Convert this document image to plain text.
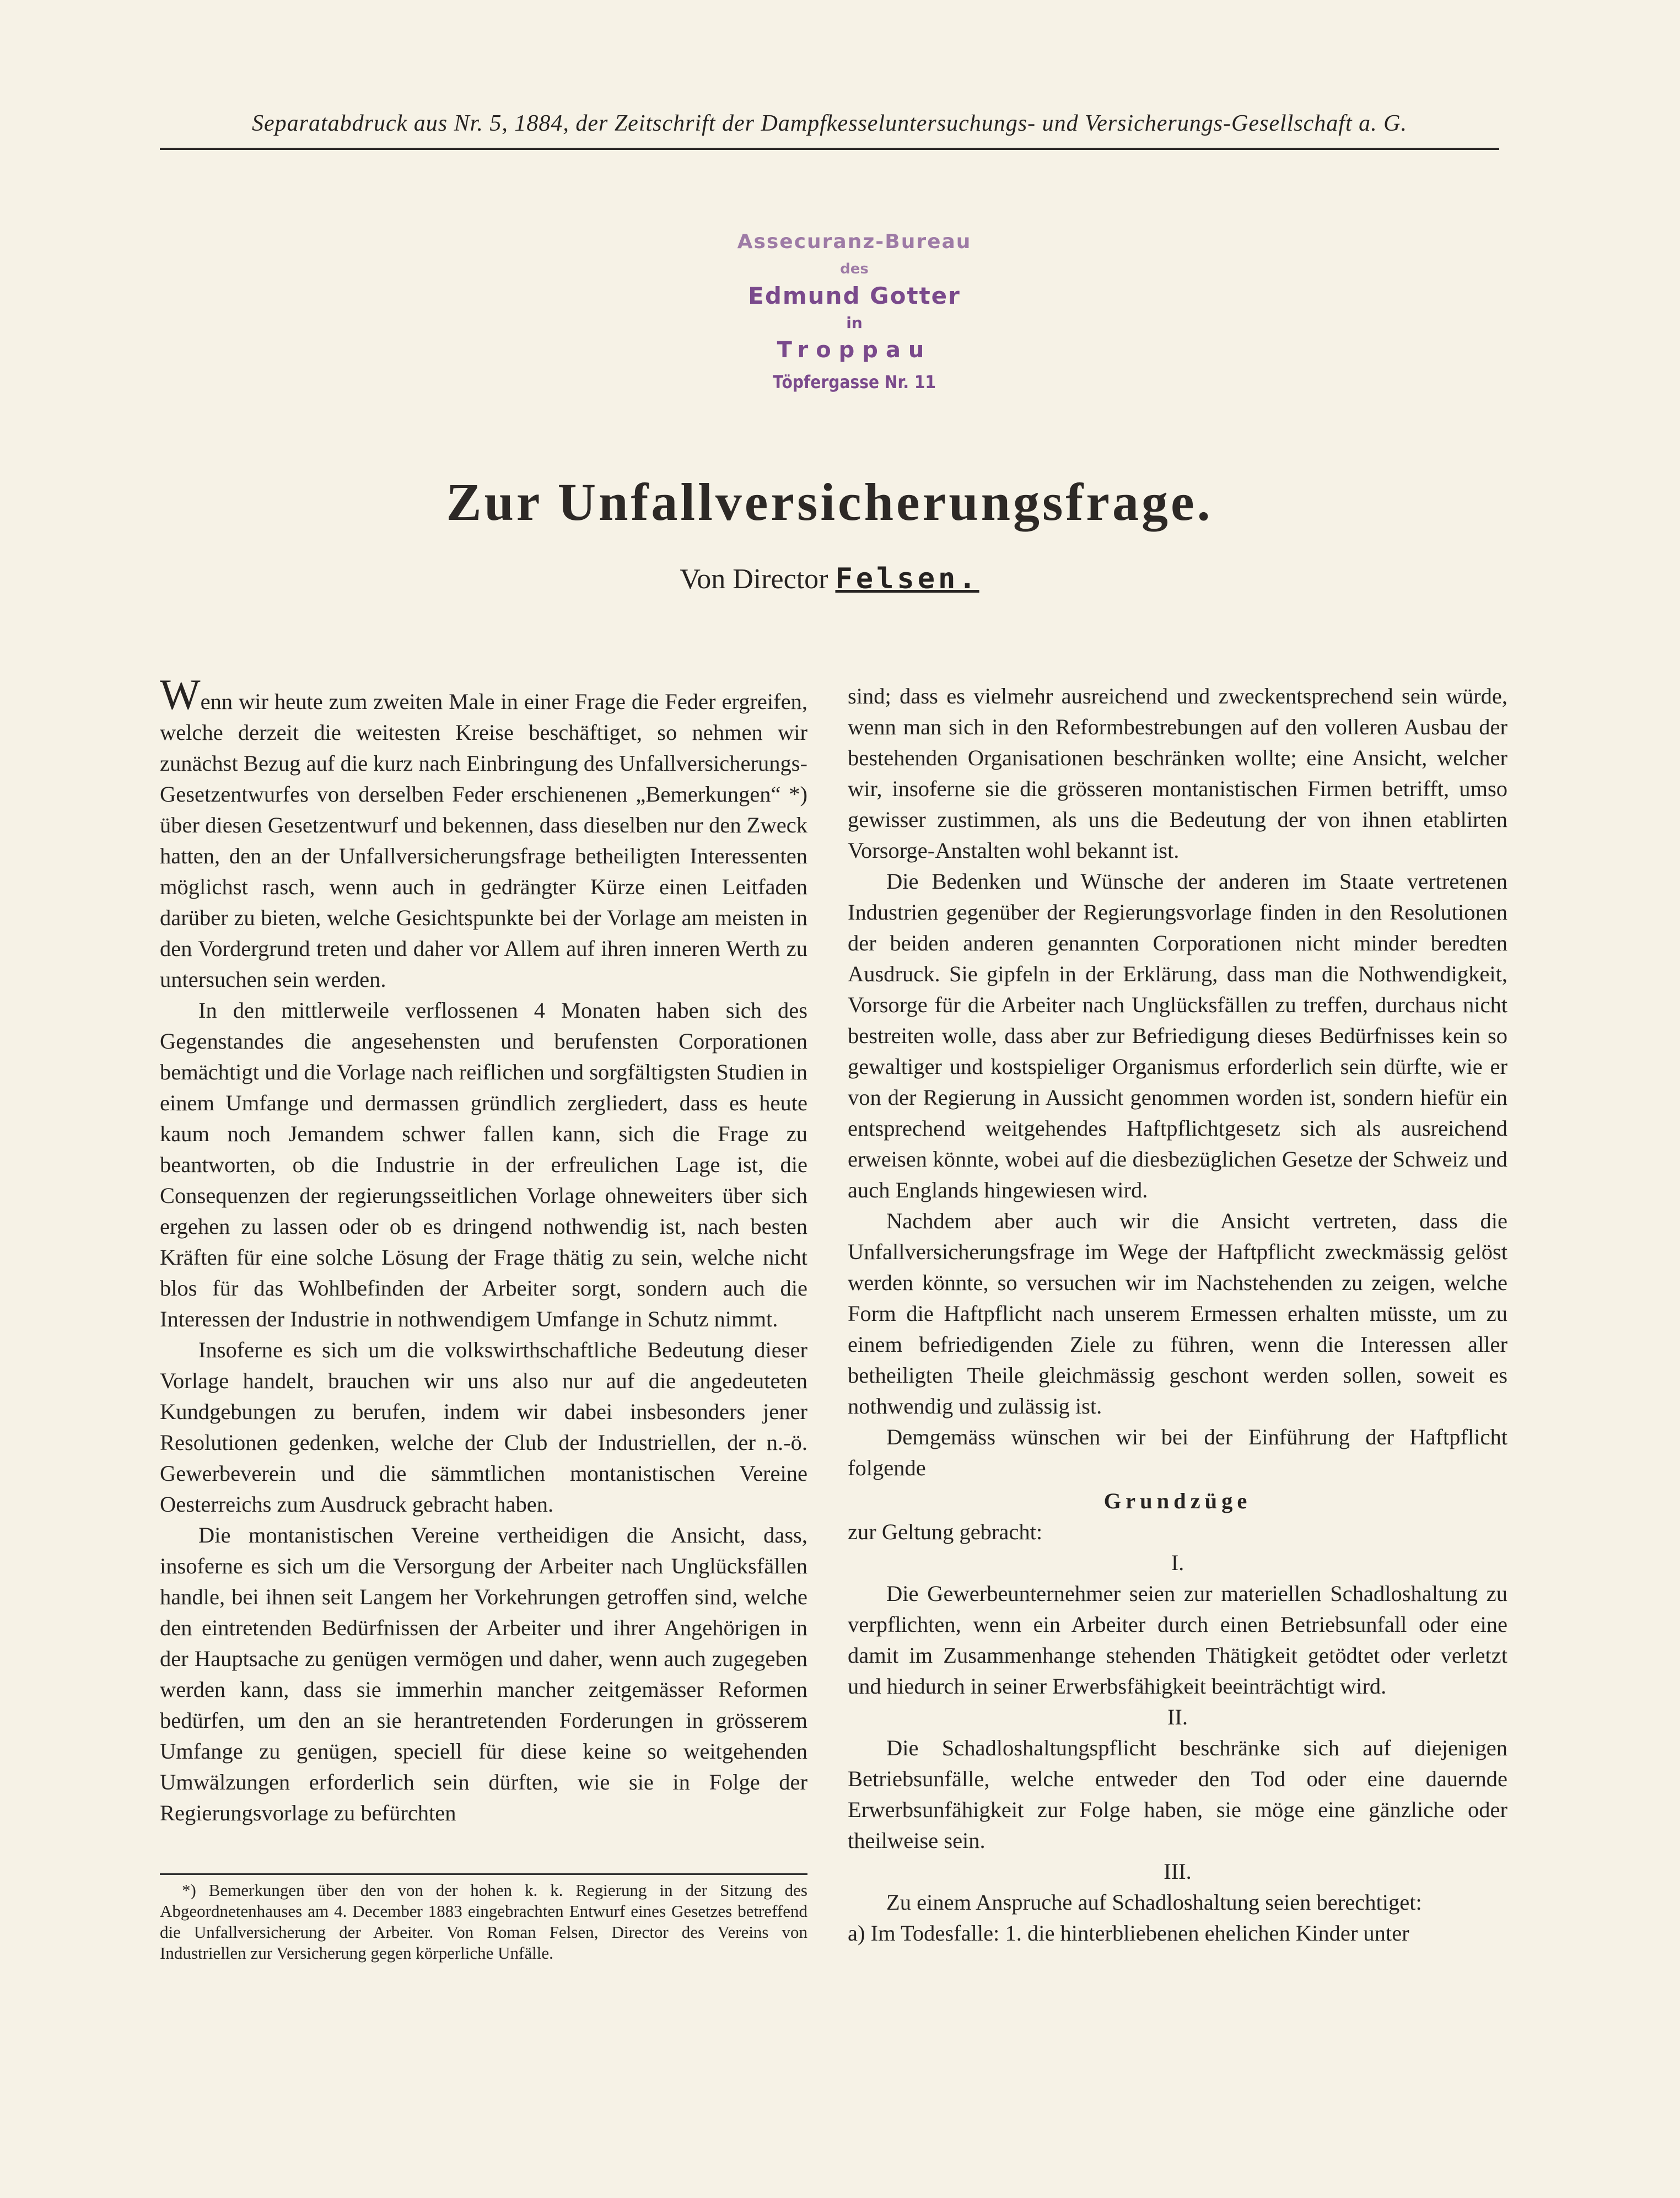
Separatabdruck aus Nr. 5, 1884, der Zeitschrift der Dampfkesseluntersuchungs- und Versicherungs-Gesellschaft a. G.
Assecuranz-Bureau
des
Edmund Gotter
in
Troppau
Töpfergasse Nr. 11
Zur Unfallversicherungsfrage.
Von Director Felsen.

Wenn wir heute zum zweiten Male in einer Frage die Feder ergreifen, welche derzeit die weitesten Kreise beschäftiget, so nehmen wir zunächst Bezug auf die kurz nach Einbringung des Unfallversicherungs-Gesetzentwurfes von derselben Feder erschienenen „Bemerkungen“ *) über diesen Gesetzentwurf und bekennen, dass dieselben nur den Zweck hatten, den an der Unfallversicherungsfrage betheiligten Interessenten möglichst rasch, wenn auch in gedrängter Kürze einen Leitfaden darüber zu bieten, welche Gesichtspunkte bei der Vorlage am meisten in den Vordergrund treten und daher vor Allem auf ihren inneren Werth zu untersuchen sein werden.

In den mittlerweile verflossenen 4 Monaten haben sich des Gegenstandes die angesehensten und berufensten Corporationen bemächtigt und die Vorlage nach reiflichen und sorgfältigsten Studien in einem Umfange und dermassen gründlich zergliedert, dass es heute kaum noch Jemandem schwer fallen kann, sich die Frage zu beantworten, ob die Industrie in der erfreulichen Lage ist, die Consequenzen der regierungsseitlichen Vorlage ohneweiters über sich ergehen zu lassen oder ob es dringend nothwendig ist, nach besten Kräften für eine solche Lösung der Frage thätig zu sein, welche nicht blos für das Wohlbefinden der Arbeiter sorgt, sondern auch die Interessen der Industrie in nothwendigem Umfange in Schutz nimmt.

Insoferne es sich um die volkswirthschaftliche Bedeutung dieser Vorlage handelt, brauchen wir uns also nur auf die angedeuteten Kundgebungen zu berufen, indem wir dabei insbesonders jener Resolutionen gedenken, welche der Club der Industriellen, der n.-ö. Gewerbeverein und die sämmtlichen montanistischen Vereine Oesterreichs zum Ausdruck gebracht haben.

Die montanistischen Vereine vertheidigen die Ansicht, dass, insoferne es sich um die Versorgung der Arbeiter nach Unglücksfällen handle, bei ihnen seit Langem her Vorkehrungen getroffen sind, welche den eintretenden Bedürfnissen der Arbeiter und ihrer Angehörigen in der Hauptsache zu genügen vermögen und daher, wenn auch zugegeben werden kann, dass sie immerhin mancher zeitgemässer Reformen bedürfen, um den an sie herantretenden Forderungen in grösserem Umfange zu genügen, speciell für diese keine so weitgehenden Umwälzungen erforderlich sein dürften, wie sie in Folge der Regierungsvorlage zu befürchten

*) Bemerkungen über den von der hohen k. k. Regierung in der Sitzung des Abgeordnetenhauses am 4. December 1883 eingebrachten Entwurf eines Gesetzes betreffend die Unfallversicherung der Arbeiter. Von Roman Felsen, Director des Vereins von Industriellen zur Versicherung gegen körperliche Unfälle.

sind; dass es vielmehr ausreichend und zweckentsprechend sein würde, wenn man sich in den Reformbestrebungen auf den volleren Ausbau der bestehenden Organisationen beschränken wollte; eine Ansicht, welcher wir, insoferne sie die grösseren montanistischen Firmen betrifft, umso gewisser zustimmen, als uns die Bedeutung der von ihnen etablirten Vorsorge-Anstalten wohl bekannt ist.

Die Bedenken und Wünsche der anderen im Staate vertretenen Industrien gegenüber der Regierungsvorlage finden in den Resolutionen der beiden anderen genannten Corporationen nicht minder beredten Ausdruck. Sie gipfeln in der Erklärung, dass man die Nothwendigkeit, Vorsorge für die Arbeiter nach Unglücksfällen zu treffen, durchaus nicht bestreiten wolle, dass aber zur Befriedigung dieses Bedürfnisses kein so gewaltiger und kostspieliger Organismus erforderlich sein dürfte, wie er von der Regierung in Aussicht genommen worden ist, sondern hiefür ein entsprechend weitgehendes Haftpflichtgesetz sich als ausreichend erweisen könnte, wobei auf die diesbezüglichen Gesetze der Schweiz und auch Englands hingewiesen wird.

Nachdem aber auch wir die Ansicht vertreten, dass die Unfallversicherungsfrage im Wege der Haftpflicht zweckmässig gelöst werden könnte, so versuchen wir im Nachstehenden zu zeigen, welche Form die Haftpflicht nach unserem Ermessen erhalten müsste, um zu einem befriedigenden Ziele zu führen, wenn die Interessen aller betheiligten Theile gleichmässig geschont werden sollen, soweit es nothwendig und zulässig ist.

Demgemäss wünschen wir bei der Einführung der Haftpflicht folgende

Grundzüge

zur Geltung gebracht:

I.

Die Gewerbeunternehmer seien zur materiellen Schadloshaltung zu verpflichten, wenn ein Arbeiter durch einen Betriebsunfall oder eine damit im Zusammenhange stehenden Thätigkeit getödtet oder verletzt und hiedurch in seiner Erwerbsfähigkeit beeinträchtigt wird.

II.

Die Schadloshaltungspflicht beschränke sich auf diejenigen Betriebsunfälle, welche entweder den Tod oder eine dauernde Erwerbsunfähigkeit zur Folge haben, sie möge eine gänzliche oder theilweise sein.

III.

Zu einem Anspruche auf Schadloshaltung seien berechtiget:

a) Im Todesfalle: 1. die hinterbliebenen ehelichen Kinder unter
